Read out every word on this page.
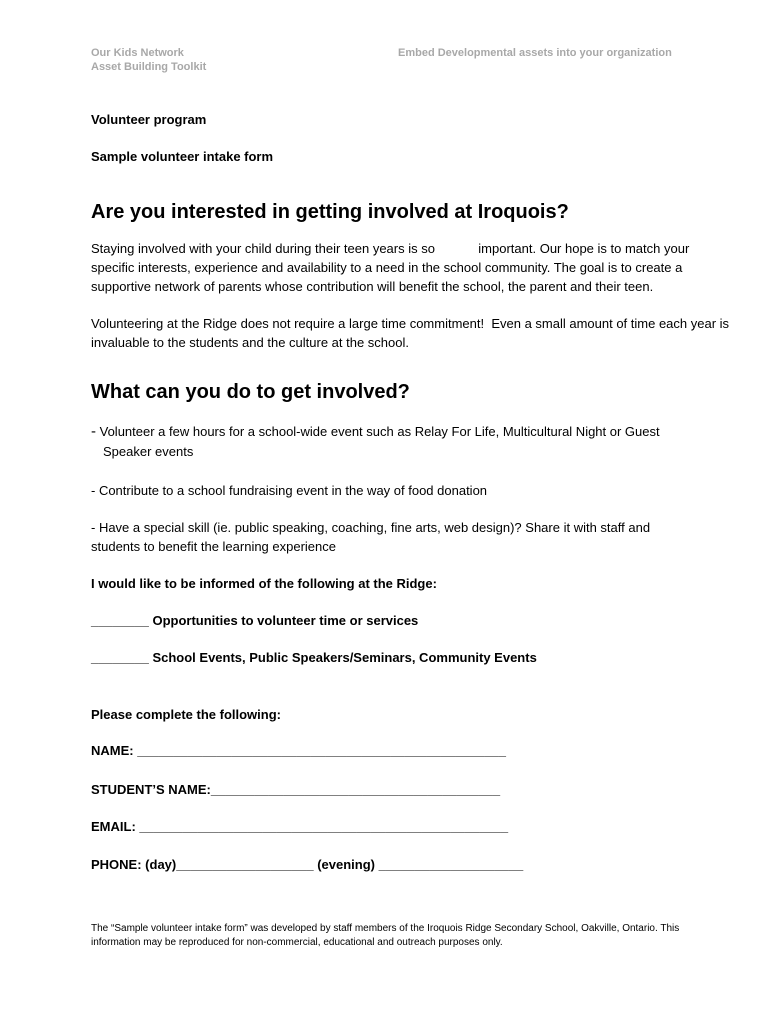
Our Kids Network
Asset Building Toolkit
Embed Developmental assets into your organization
Volunteer program
Sample volunteer intake form
Are you interested in getting involved at Iroquois?
Staying involved with your child during their teen years is so            important. Our hope is to match your specific interests, experience and availability to a need in the school community. The goal is to create a supportive network of parents whose contribution will benefit the school, the parent and their teen.
Volunteering at the Ridge does not require a large time commitment!  Even a small amount of time each year is invaluable to the students and the culture at the school.
What can you do to get involved?
- Volunteer a few hours for a school-wide event such as Relay For Life, Multicultural Night or Guest
Speaker events
- Contribute to a school fundraising event in the way of food donation
- Have a special skill (ie. public speaking, coaching, fine arts, web design)? Share it with staff and students to benefit the learning experience
I would like to be informed of the following at the Ridge:
________ Opportunities to volunteer time or services
________ School Events, Public Speakers/Seminars, Community Events
Please complete the following:
NAME: ___________________________________________________
STUDENT’S NAME:________________________________________
EMAIL: ___________________________________________________
PHONE: (day)___________________ (evening) ____________________
The “Sample volunteer intake form” was developed by staff members of the Iroquois Ridge Secondary School, Oakville, Ontario. This information may be reproduced for non-commercial, educational and outreach purposes only.
